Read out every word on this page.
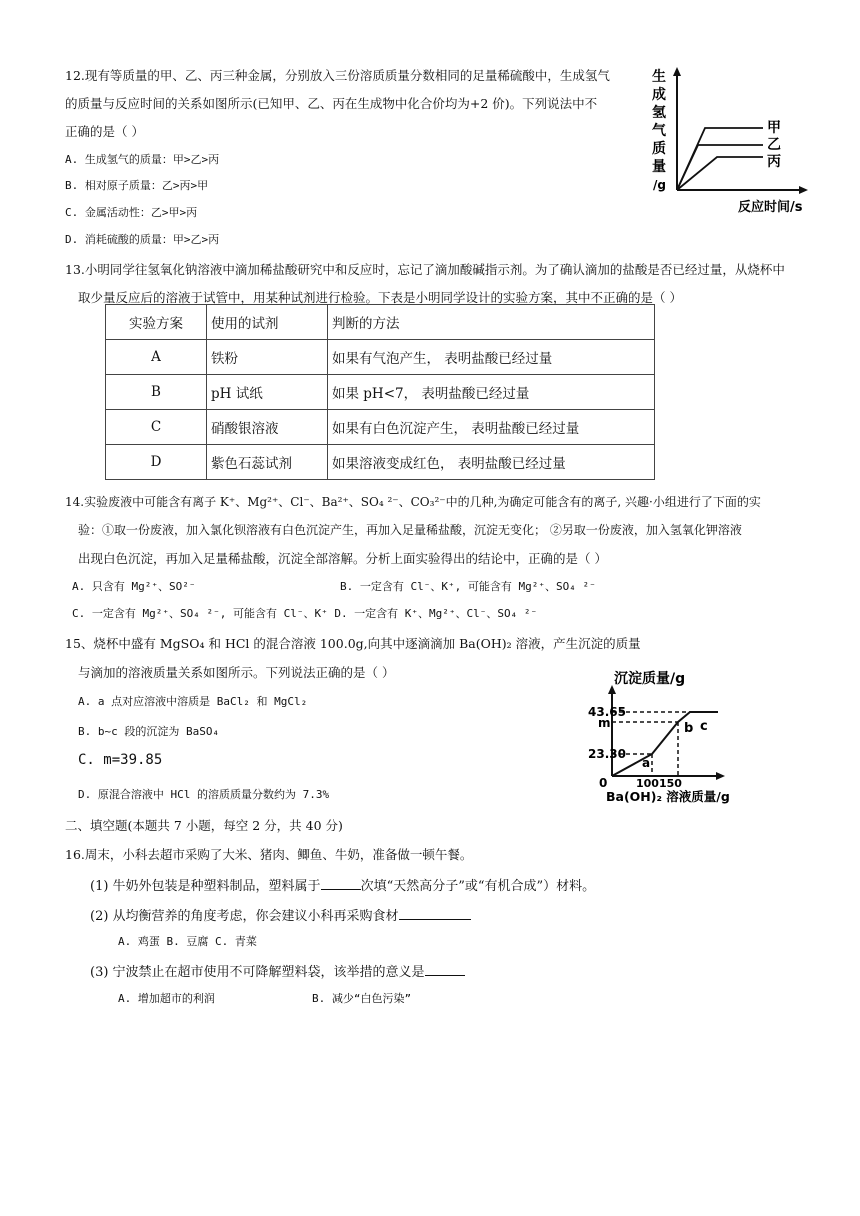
12.现有等质量的甲、乙、丙三种金属，分别放入三份溶质质量分数相同的足量稀硫酸中，生成氢气
的质量与反应时间的关系如图所示(已知甲、乙、丙在生成物中化合价均为+2 价)。下列说法中不
正确的是（ ）
A. 生成氢气的质量：甲>乙>丙
B. 相对原子质量：乙>丙>甲
C. 金属活动性：乙>甲>丙
D. 消耗硫酸的质量：甲>乙>丙
生
成
氢
气
质
量
/g
甲
乙
丙
反应时间/s
13.小明同学往氢氧化钠溶液中滴加稀盐酸研究中和反应时，忘记了滴加酸碱指示剂。为了确认滴加的盐酸是否已经过量，从烧杯中
取少量反应后的溶液于试管中，用某种试剂进行检验。下表是小明同学设计的实验方案，其中不正确的是（ ）
实验方案	使用的试剂	判断的方法
A	铁粉	如果有气泡产生， 表明盐酸已经过量
B	pH 试纸	如果 pH<7， 表明盐酸已经过量
C	硝酸银溶液	如果有白色沉淀产生， 表明盐酸已经过量
D	紫色石蕊试剂	如果溶液变成红色， 表明盐酸已经过量
14.实验废液中可能含有离子 K⁺、Mg²⁺、Cl⁻、Ba²⁺、SO₄ ²⁻、CO₃²⁻中的几种,为确定可能含有的离子, 兴趣·小组进行了下面的实
验：①取一份废液，加入氯化钡溶液有白色沉淀产生，再加入足量稀盐酸，沉淀无变化； ②另取一份废液，加入氢氧化钾溶液
出现白色沉淀，再加入足量稀盐酸，沉淀全部溶解。分析上面实验得出的结论中，正确的是（ ）
A. 只含有 Mg²⁺、SO²⁻	B. 一定含有 Cl⁻、K⁺, 可能含有 Mg²⁺、SO₄ ²⁻
C. 一定含有 Mg²⁺、SO₄ ²⁻, 可能含有 Cl⁻、K⁺ D. 一定含有 K⁺、Mg²⁺、Cl⁻、SO₄ ²⁻
15、烧杯中盛有 MgSO₄ 和 HCl 的混合溶液 100.0g,向其中逐滴滴加 Ba(OH)₂ 溶液，产生沉淀的质量
与滴加的溶液质量关系如图所示。下列说法正确的是（ ）
A. a 点对应溶液中溶质是 BaCl₂ 和 MgCl₂
B. b~c 段的沉淀为 BaSO₄
C. m=39.85
D. 原混合溶液中 HCl 的溶质质量分数约为 7.3%
沉淀质量/g
43.65
m
23.30
0	100150
a
b c
Ba(OH)₂ 溶液质量/g
二、填空题(本题共 7 小题，每空 2 分，共 40 分)
16.周末，小科去超市采购了大米、猪肉、鲫鱼、牛奶，准备做一顿午餐。
(1) 牛奶外包装是种塑料制品，塑料属于	次填“天然高分子”或“有机合成”）材料。
(2) 从均衡营养的角度考虑，你会建议小科再采购食材
A. 鸡蛋 B. 豆腐 C. 青菜
(3) 宁波禁止在超市使用不可降解塑料袋，该举措的意义是
A. 增加超市的利润	B. 减少“白色污染”
